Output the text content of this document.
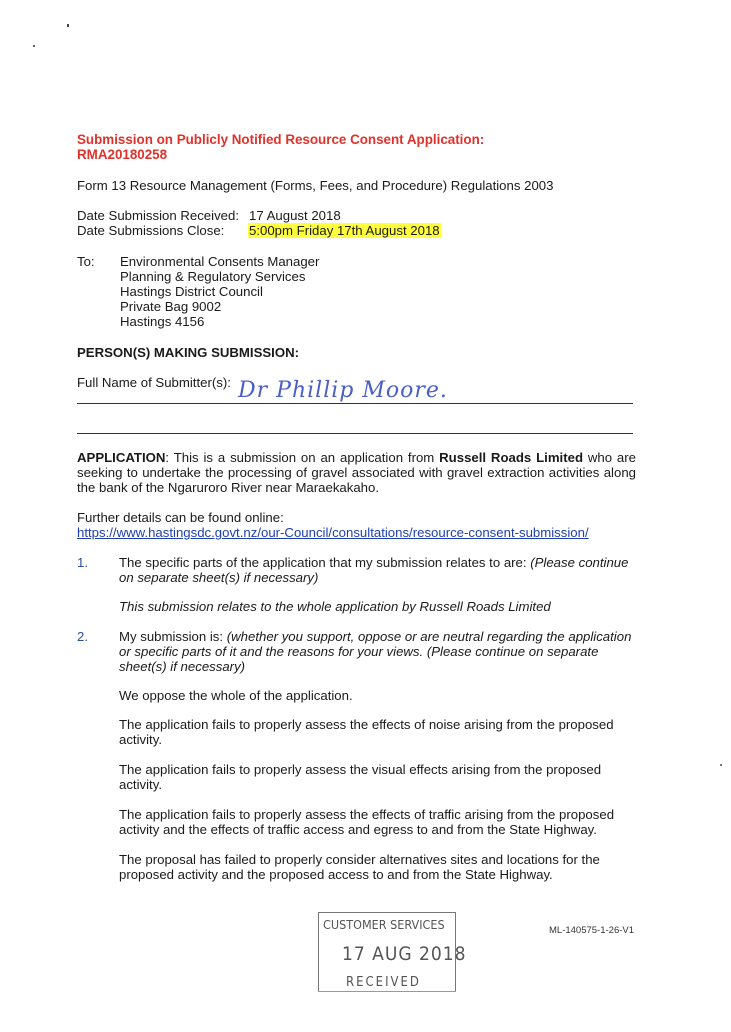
Submission on Publicly Notified Resource Consent Application:
RMA20180258
Form 13 Resource Management (Forms, Fees, and Procedure) Regulations 2003
Date Submission Received: 17 August 2018
Date Submissions Close: 5:00pm Friday 17th August 2018
To: Environmental Consents Manager
Planning & Regulatory Services
Hastings District Council
Private Bag 9002
Hastings 4156
PERSON(S) MAKING SUBMISSION:
Full Name of Submitter(s): Dr Phillip Moore.
APPLICATION: This is a submission on an application from Russell Roads Limited who are seeking to undertake the processing of gravel associated with gravel extraction activities along the bank of the Ngaruroro River near Maraekakaho.
Further details can be found online:
https://www.hastingsdc.govt.nz/our-Council/consultations/resource-consent-submission/
1. The specific parts of the application that my submission relates to are: (Please continue on separate sheet(s) if necessary)
This submission relates to the whole application by Russell Roads Limited
2. My submission is: (whether you support, oppose or are neutral regarding the application or specific parts of it and the reasons for your views. (Please continue on separate sheet(s) if necessary)
We oppose the whole of the application.
The application fails to properly assess the effects of noise arising from the proposed activity.
The application fails to properly assess the visual effects arising from the proposed activity.
The application fails to properly assess the effects of traffic arising from the proposed activity and the effects of traffic access and egress to and from the State Highway.
The proposal has failed to properly consider alternatives sites and locations for the proposed activity and the proposed access to and from the State Highway.
CUSTOMER SERVICES
17 AUG 2018
RECEIVED
ML-140575-1-26-V1
